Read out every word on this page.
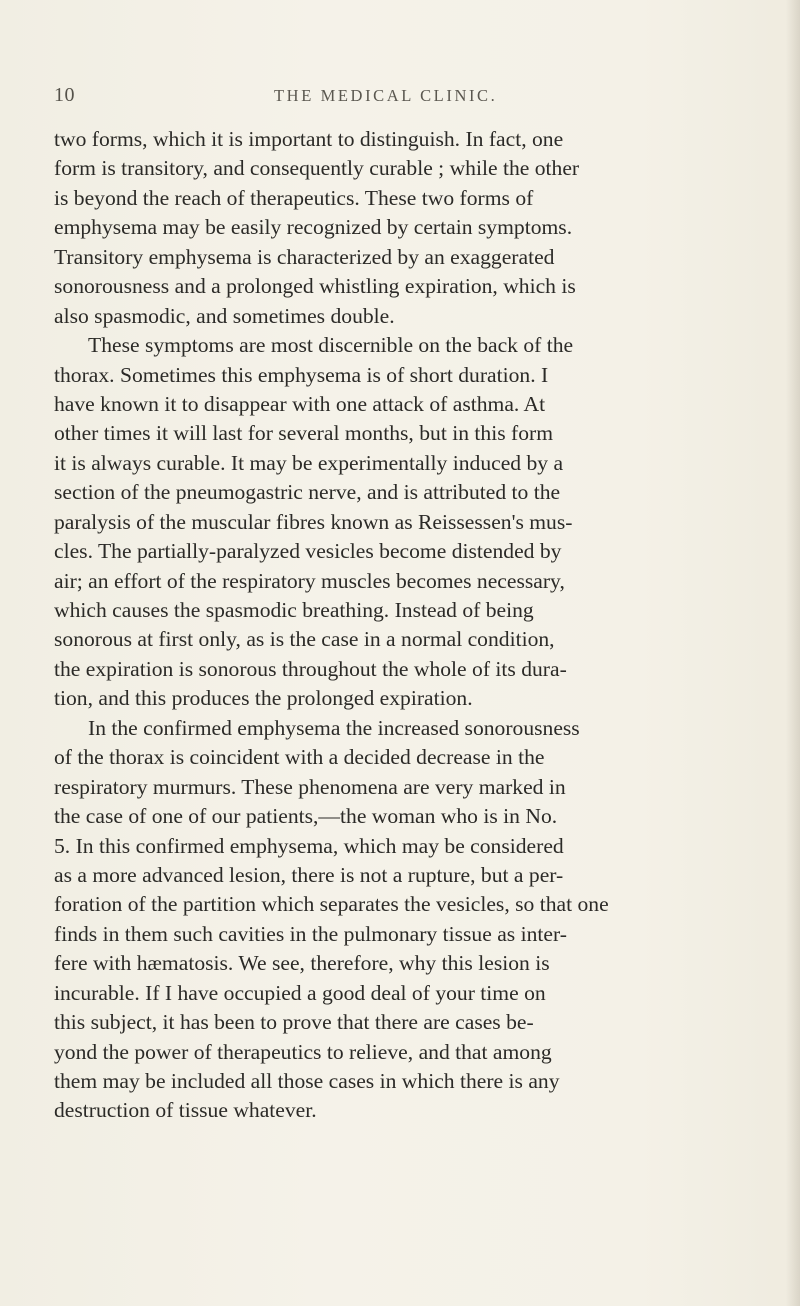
10	THE MEDICAL CLINIC.
two forms, which it is important to distinguish. In fact, one
form is transitory, and consequently curable ; while the other
is beyond the reach of therapeutics. These two forms of
emphysema may be easily recognized by certain symptoms.
Transitory emphysema is characterized by an exaggerated
sonorousness and a prolonged whistling expiration, which is
also spasmodic, and sometimes double.
These symptoms are most discernible on the back of the
thorax. Sometimes this emphysema is of short duration. I
have known it to disappear with one attack of asthma. At
other times it will last for several months, but in this form
it is always curable. It may be experimentally induced by a
section of the pneumogastric nerve, and is attributed to the
paralysis of the muscular fibres known as Reissessen's mus-
cles. The partially-paralyzed vesicles become distended by
air; an effort of the respiratory muscles becomes necessary,
which causes the spasmodic breathing. Instead of being
sonorous at first only, as is the case in a normal condition,
the expiration is sonorous throughout the whole of its dura-
tion, and this produces the prolonged expiration.
In the confirmed emphysema the increased sonorousness
of the thorax is coincident with a decided decrease in the
respiratory murmurs. These phenomena are very marked in
the case of one of our patients,—the woman who is in No.
5. In this confirmed emphysema, which may be considered
as a more advanced lesion, there is not a rupture, but a per-
foration of the partition which separates the vesicles, so that one
finds in them such cavities in the pulmonary tissue as inter-
fere with hæmatosis. We see, therefore, why this lesion is
incurable. If I have occupied a good deal of your time on
this subject, it has been to prove that there are cases be-
yond the power of therapeutics to relieve, and that among
them may be included all those cases in which there is any
destruction of tissue whatever.
